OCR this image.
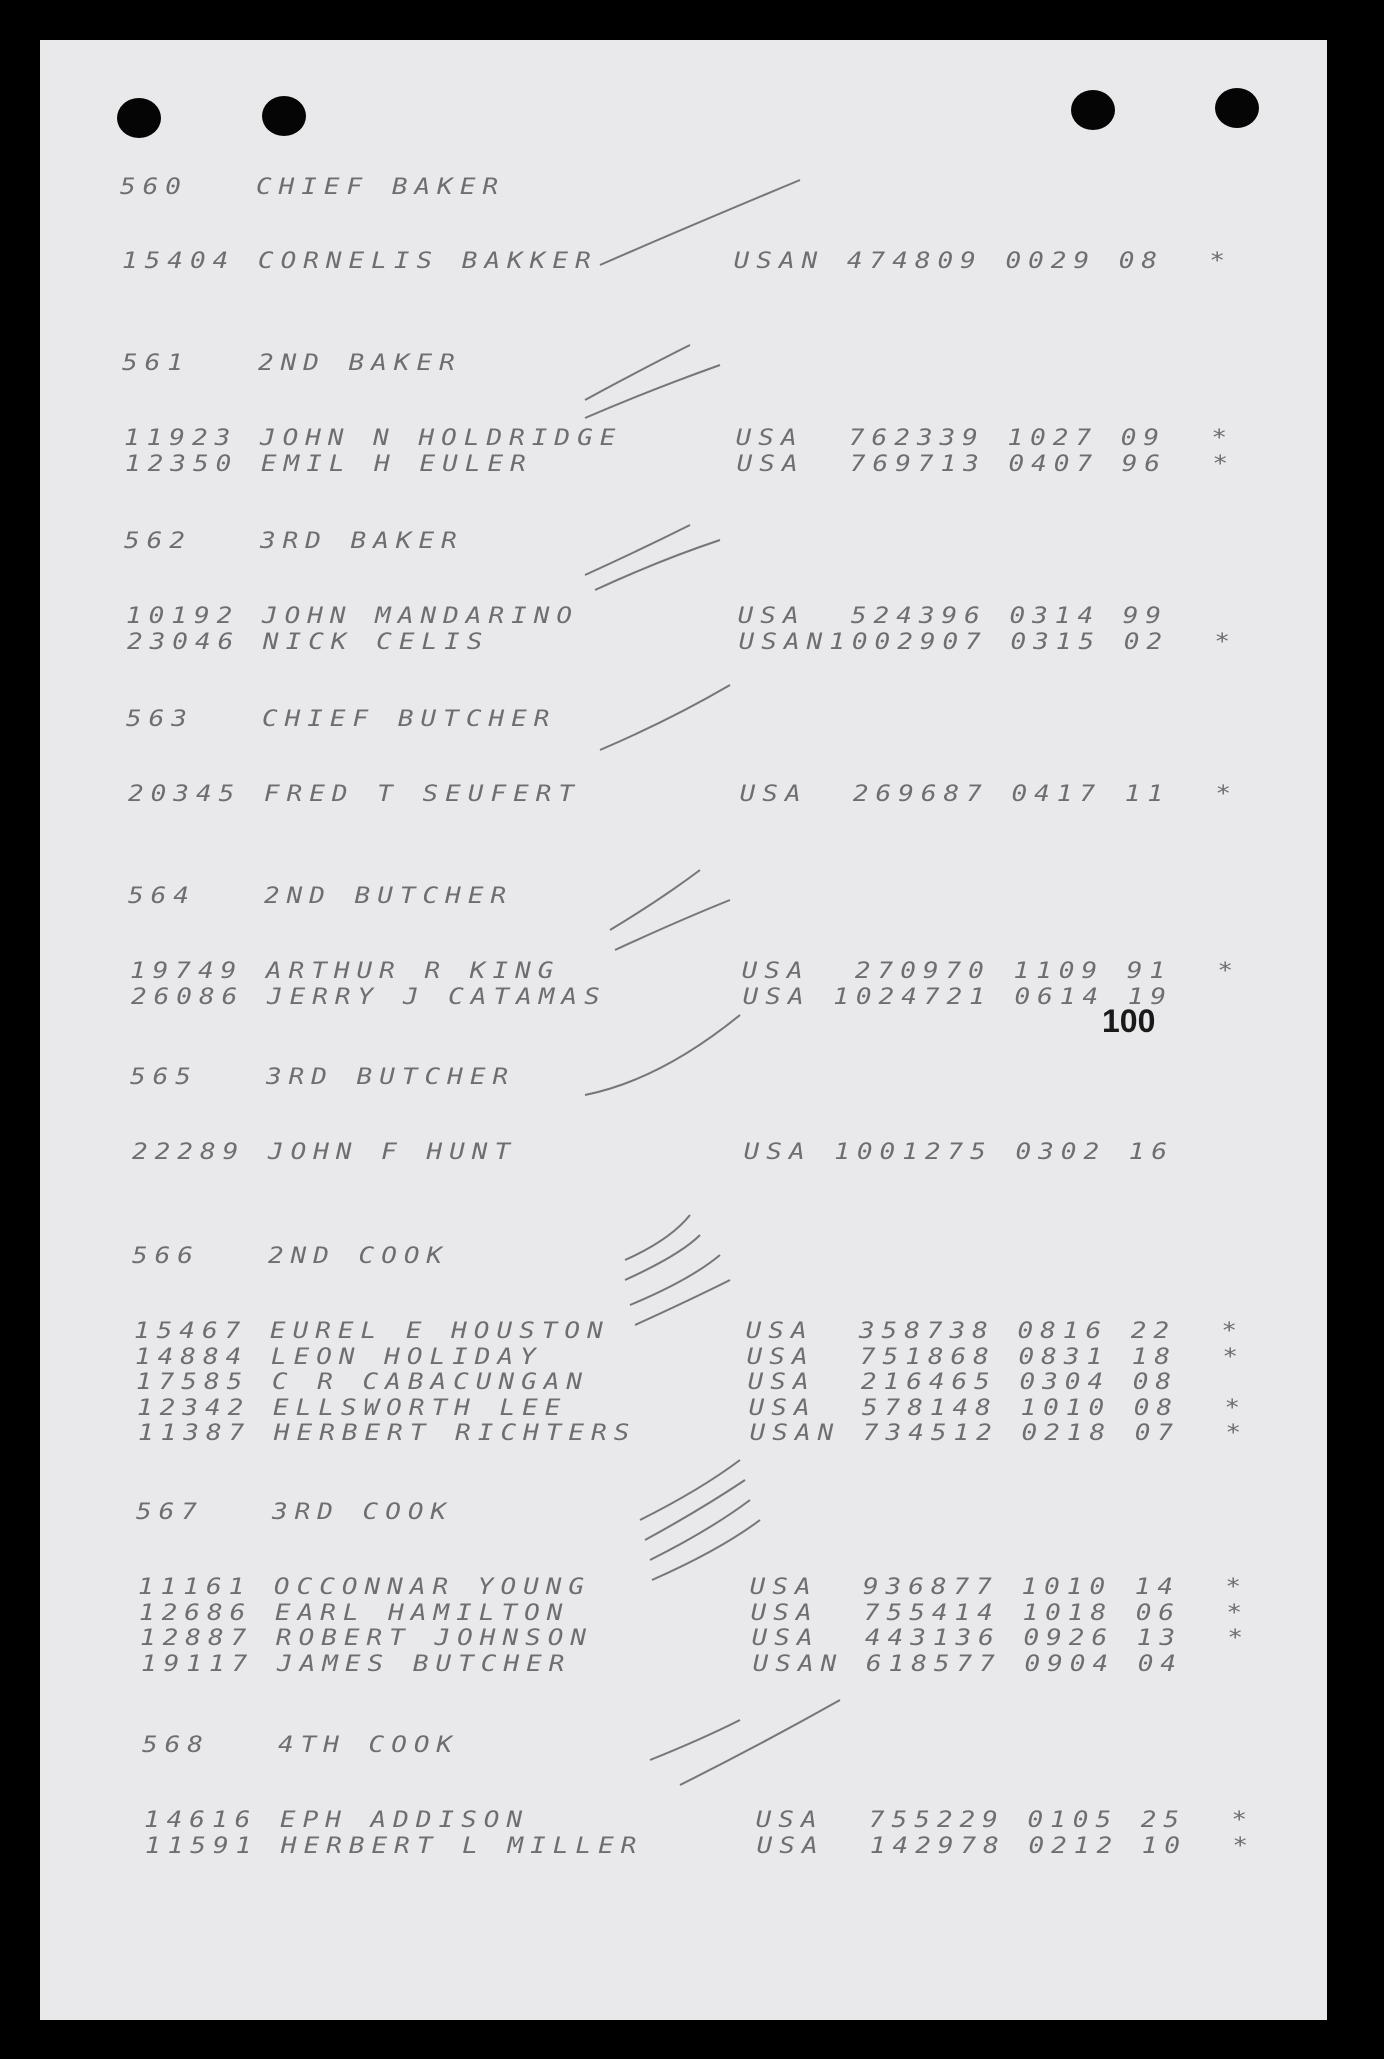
560	CHIEF BAKER
15404 CORNELIS BAKKER      USAN 474809 0029 08  *
561	2ND BAKER
11923 JOHN N HOLDRIDGE     USA  762339 1027 09  *
12350 EMIL H EULER         USA  769713 0407 96  *
562	3RD BAKER
10192 JOHN MANDARINO       USA  524396 0314 99
23046 NICK CELIS           USAN1002907 0315 02  *
563	CHIEF BUTCHER
20345 FRED T SEUFERT       USA  269687 0417 11  *
564	2ND BUTCHER
19749 ARTHUR R KING        USA  270970 1109 91  *
26086 JERRY J CATAMAS      USA 1024721 0614 19
565	3RD BUTCHER
22289 JOHN F HUNT          USA 1001275 0302 16
566	2ND COOK
15467 EUREL E HOUSTON      USA  358738 0816 22  *
14884 LEON HOLIDAY         USA  751868 0831 18  *
17585 C R CABACUNGAN       USA  216465 0304 08
12342 ELLSWORTH LEE        USA  578148 1010 08  *
11387 HERBERT RICHTERS     USAN 734512 0218 07  *
567	3RD COOK
11161 OCCONNAR YOUNG       USA  936877 1010 14  *
12686 EARL HAMILTON        USA  755414 1018 06  *
12887 ROBERT JOHNSON       USA  443136 0926 13  *
19117 JAMES BUTCHER        USAN 618577 0904 04
568	4TH COOK
14616 EPH ADDISON          USA  755229 0105 25  *
11591 HERBERT L MILLER     USA  142978 0212 10  *
100
